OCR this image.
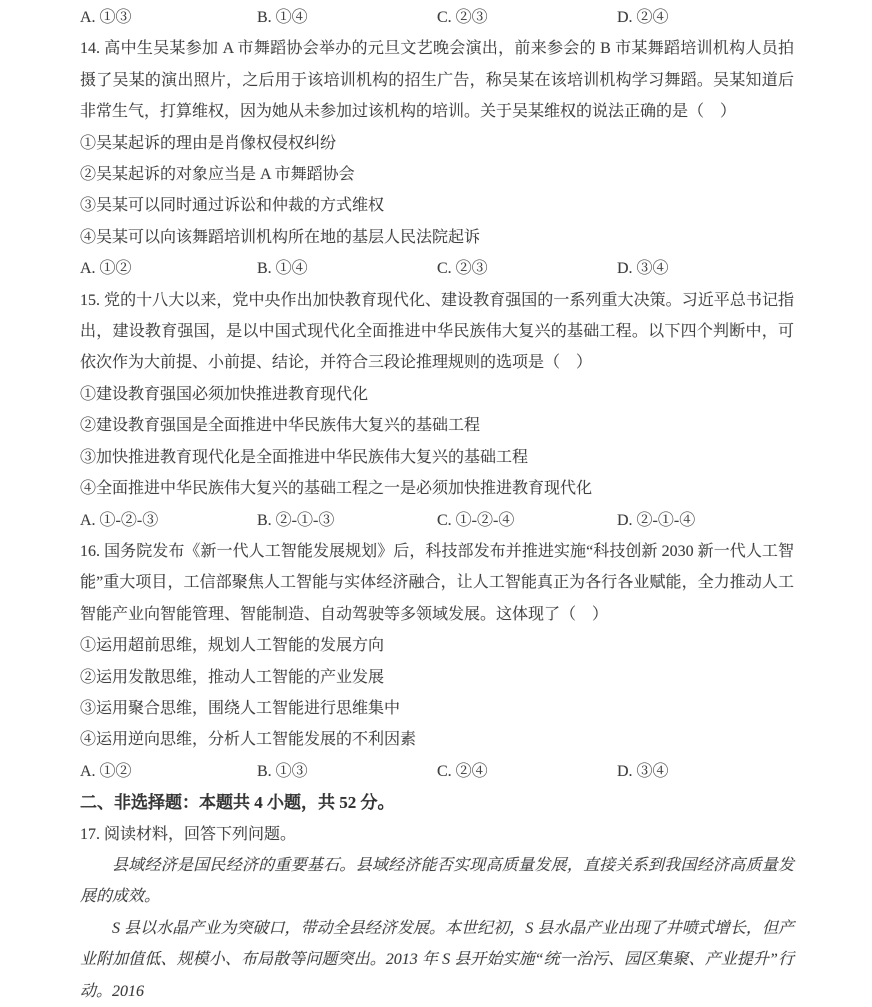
A. ①③	B. ①④	C. ②③	D. ②④

14. 高中生吴某参加 A 市舞蹈协会举办的元旦文艺晚会演出，前来参会的 B 市某舞蹈培训机构人员拍摄了吴某的演出照片，之后用于该培训机构的招生广告，称吴某在该培训机构学习舞蹈。吴某知道后非常生气，打算维权，因为她从未参加过该机构的培训。关于吴某维权的说法正确的是（　）

①吴某起诉的理由是肖像权侵权纠纷
②吴某起诉的对象应当是 A 市舞蹈协会
③吴某可以同时通过诉讼和仲裁的方式维权
④吴某可以向该舞蹈培训机构所在地的基层人民法院起诉
A. ①②	B. ①④	C. ②③	D. ③④

15. 党的十八大以来，党中央作出加快教育现代化、建设教育强国的一系列重大决策。习近平总书记指出，建设教育强国，是以中国式现代化全面推进中华民族伟大复兴的基础工程。以下四个判断中，可依次作为大前提、小前提、结论，并符合三段论推理规则的选项是（　）

①建设教育强国必须加快推进教育现代化
②建设教育强国是全面推进中华民族伟大复兴的基础工程
③加快推进教育现代化是全面推进中华民族伟大复兴的基础工程
④全面推进中华民族伟大复兴的基础工程之一是必须加快推进教育现代化
A. ①-②-③	B. ②-①-③	C. ①-②-④	D. ②-①-④

16. 国务院发布《新一代人工智能发展规划》后，科技部发布并推进实施“科技创新 2030 新一代人工智能”重大项目，工信部聚焦人工智能与实体经济融合，让人工智能真正为各行各业赋能，全力推动人工智能产业向智能管理、智能制造、自动驾驶等多领域发展。这体现了（　）

①运用超前思维，规划人工智能的发展方向
②运用发散思维，推动人工智能的产业发展
③运用聚合思维，围绕人工智能进行思维集中
④运用逆向思维，分析人工智能发展的不利因素
A. ①②	B. ①③	C. ②④	D. ③④
二、非选择题：本题共 4 小题，共 52 分。
17. 阅读材料，回答下列问题。

县域经济是国民经济的重要基石。县域经济能否实现高质量发展，直接关系到我国经济高质量发展的成效。

S 县以水晶产业为突破口，带动全县经济发展。本世纪初，S 县水晶产业出现了井喷式增长，但产业附加值低、规模小、布局散等问题突出。2013 年 S 县开始实施“统一治污、园区集聚、产业提升”行动。2016
